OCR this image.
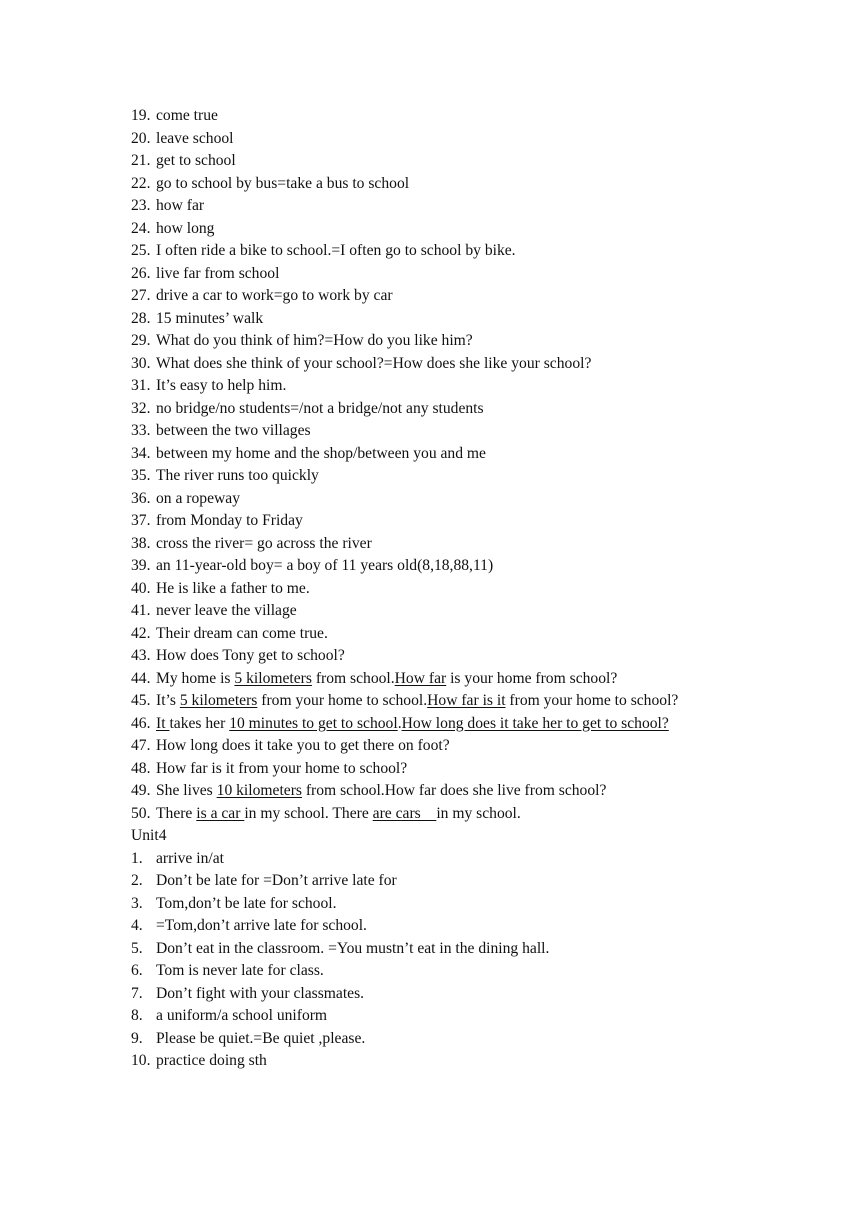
19. come true
20. leave school
21. get to school
22. go to school by bus=take a bus to school
23. how far
24. how long
25. I often ride a bike to school.=I often go to school by bike.
26. live far from school
27. drive a car to work=go to work by car
28. 15 minutes’ walk
29. What do you think of him?=How do you like him?
30. What does she think of your school?=How does she like your school?
31. It’s easy to help him.
32. no bridge/no students=/not a bridge/not any students
33. between the two villages
34. between my home and the shop/between you and me
35. The river runs too quickly
36. on a ropeway
37. from Monday to Friday
38. cross the river= go across the river
39. an 11-year-old boy= a boy of 11 years old(8,18,88,11)
40. He is like a father to me.
41. never leave the village
42. Their dream can come true.
43. How does Tony get to school?
44. My home is 5 kilometers from school.How far is your home from school?
45. It’s 5 kilometers from your home to school.How far is it from your home to school?
46. It takes her 10 minutes to get to school.How long does it take her to get to school?
47. How long does it take you to get there on foot?
48. How far is it from your home to school?
49. She lives 10 kilometers from school.How far does she live from school?
50. There is a car in my school. There are cars    in my school.
Unit4
1. arrive in/at
2. Don’t be late for =Don’t arrive late for
3. Tom,don’t be late for school.
4. =Tom,don’t arrive late for school.
5. Don’t eat in the classroom. =You mustn’t eat in the dining hall.
6. Tom is never late for class.
7. Don’t fight with your classmates.
8. a uniform/a school uniform
9. Please be quiet.=Be quiet ,please.
10. practice doing sth
